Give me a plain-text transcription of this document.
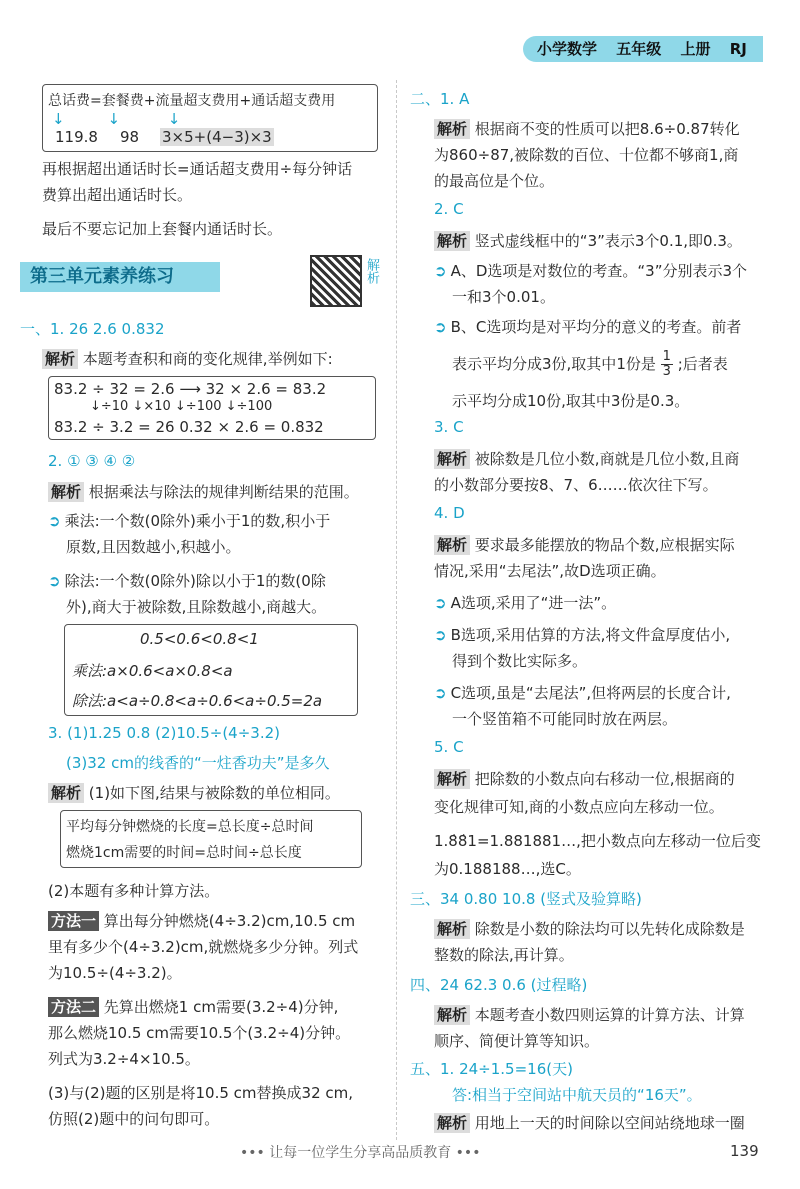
小学数学 五年级 上册 RJ
总话费=套餐费+流量超支费用+通话超支费用
↓         ↓          ↓
119.8 98 3×5+(4−3)×3
再根据超出通话时长=通话超支费用÷每分钟话
费算出超出通话时长。
最后不要忘记加上套餐内通话时长。
第三单元素养练习	解析
一、1. 26 2.6 0.832
解析 本题考查积和商的变化规律,举例如下:
83.2 ÷ 32 = 2.6 ⟶ 32 × 2.6 = 83.2
↓÷10 ↓×10 ↓÷100 ↓÷100
83.2 ÷ 3.2 = 26 0.32 × 2.6 = 0.832
2. ① ③ ④ ②
解析 根据乘法与除法的规律判断结果的范围。
➲ 乘法:一个数(0除外)乘小于1的数,积小于
原数,且因数越小,积越小。
➲ 除法:一个数(0除外)除以小于1的数(0除
外),商大于被除数,且除数越小,商越大。
0.5<0.6<0.8<1
乘法:a×0.6<a×0.8<a
除法:a<a÷0.8<a÷0.6<a÷0.5=2a
3. (1)1.25 0.8 (2)10.5÷(4÷3.2)
(3)32 cm的线香的“一炷香功夫”是多久
解析 (1)如下图,结果与被除数的单位相同。
平均每分钟燃烧的长度=总长度÷总时间
燃烧1cm需要的时间=总时间÷总长度
(2)本题有多种计算方法。
方法一 算出每分钟燃烧(4÷3.2)cm,10.5 cm
里有多少个(4÷3.2)cm,就燃烧多少分钟。列式
为10.5÷(4÷3.2)。
方法二 先算出燃烧1 cm需要(3.2÷4)分钟,
那么燃烧10.5 cm需要10.5个(3.2÷4)分钟。
列式为3.2÷4×10.5。
(3)与(2)题的区别是将10.5 cm替换成32 cm,
仿照(2)题中的问句即可。
二、1. A
解析 根据商不变的性质可以把8.6÷0.87转化
为860÷87,被除数的百位、十位都不够商1,商
的最高位是个位。
2. C
解析 竖式虚线框中的“3”表示3个0.1,即0.3。
➲ A、D选项是对数位的考查。“3”分别表示3个
一和3个0.01。
➲ B、C选项均是对平均分的意义的考查。前者
表示平均分成3份,取其中1份是 $\frac{1}{3}$ ;后者表
示平均分成10份,取其中3份是0.3。
3. C
解析 被除数是几位小数,商就是几位小数,且商
的小数部分要按8、7、6……依次往下写。
4. D
解析 要求最多能摆放的物品个数,应根据实际
情况,采用“去尾法”,故D选项正确。
➲ A选项,采用了“进一法”。
➲ B选项,采用估算的方法,将文件盒厚度估小,
得到个数比实际多。
➲ C选项,虽是“去尾法”,但将两层的长度合计,
一个竖笛箱不可能同时放在两层。
5. C
解析 把除数的小数点向右移动一位,根据商的
变化规律可知,商的小数点应向左移动一位。
1.8̇8̇1=1.881881…,把小数点向左移动一位后变
为0.188188…,选C。
三、34 0.80 10.8 (竖式及验算略)
解析 除数是小数的除法均可以先转化成除数是
整数的除法,再计算。
四、24 62.3 0.6 (过程略)
解析 本题考查小数四则运算的计算方法、计算
顺序、简便计算等知识。
五、1. 24÷1.5=16(天)
答:相当于空间站中航天员的“16天”。
解析 用地上一天的时间除以空间站绕地球一圈
••• 让每一位学生分享高品质教育 •••	139
